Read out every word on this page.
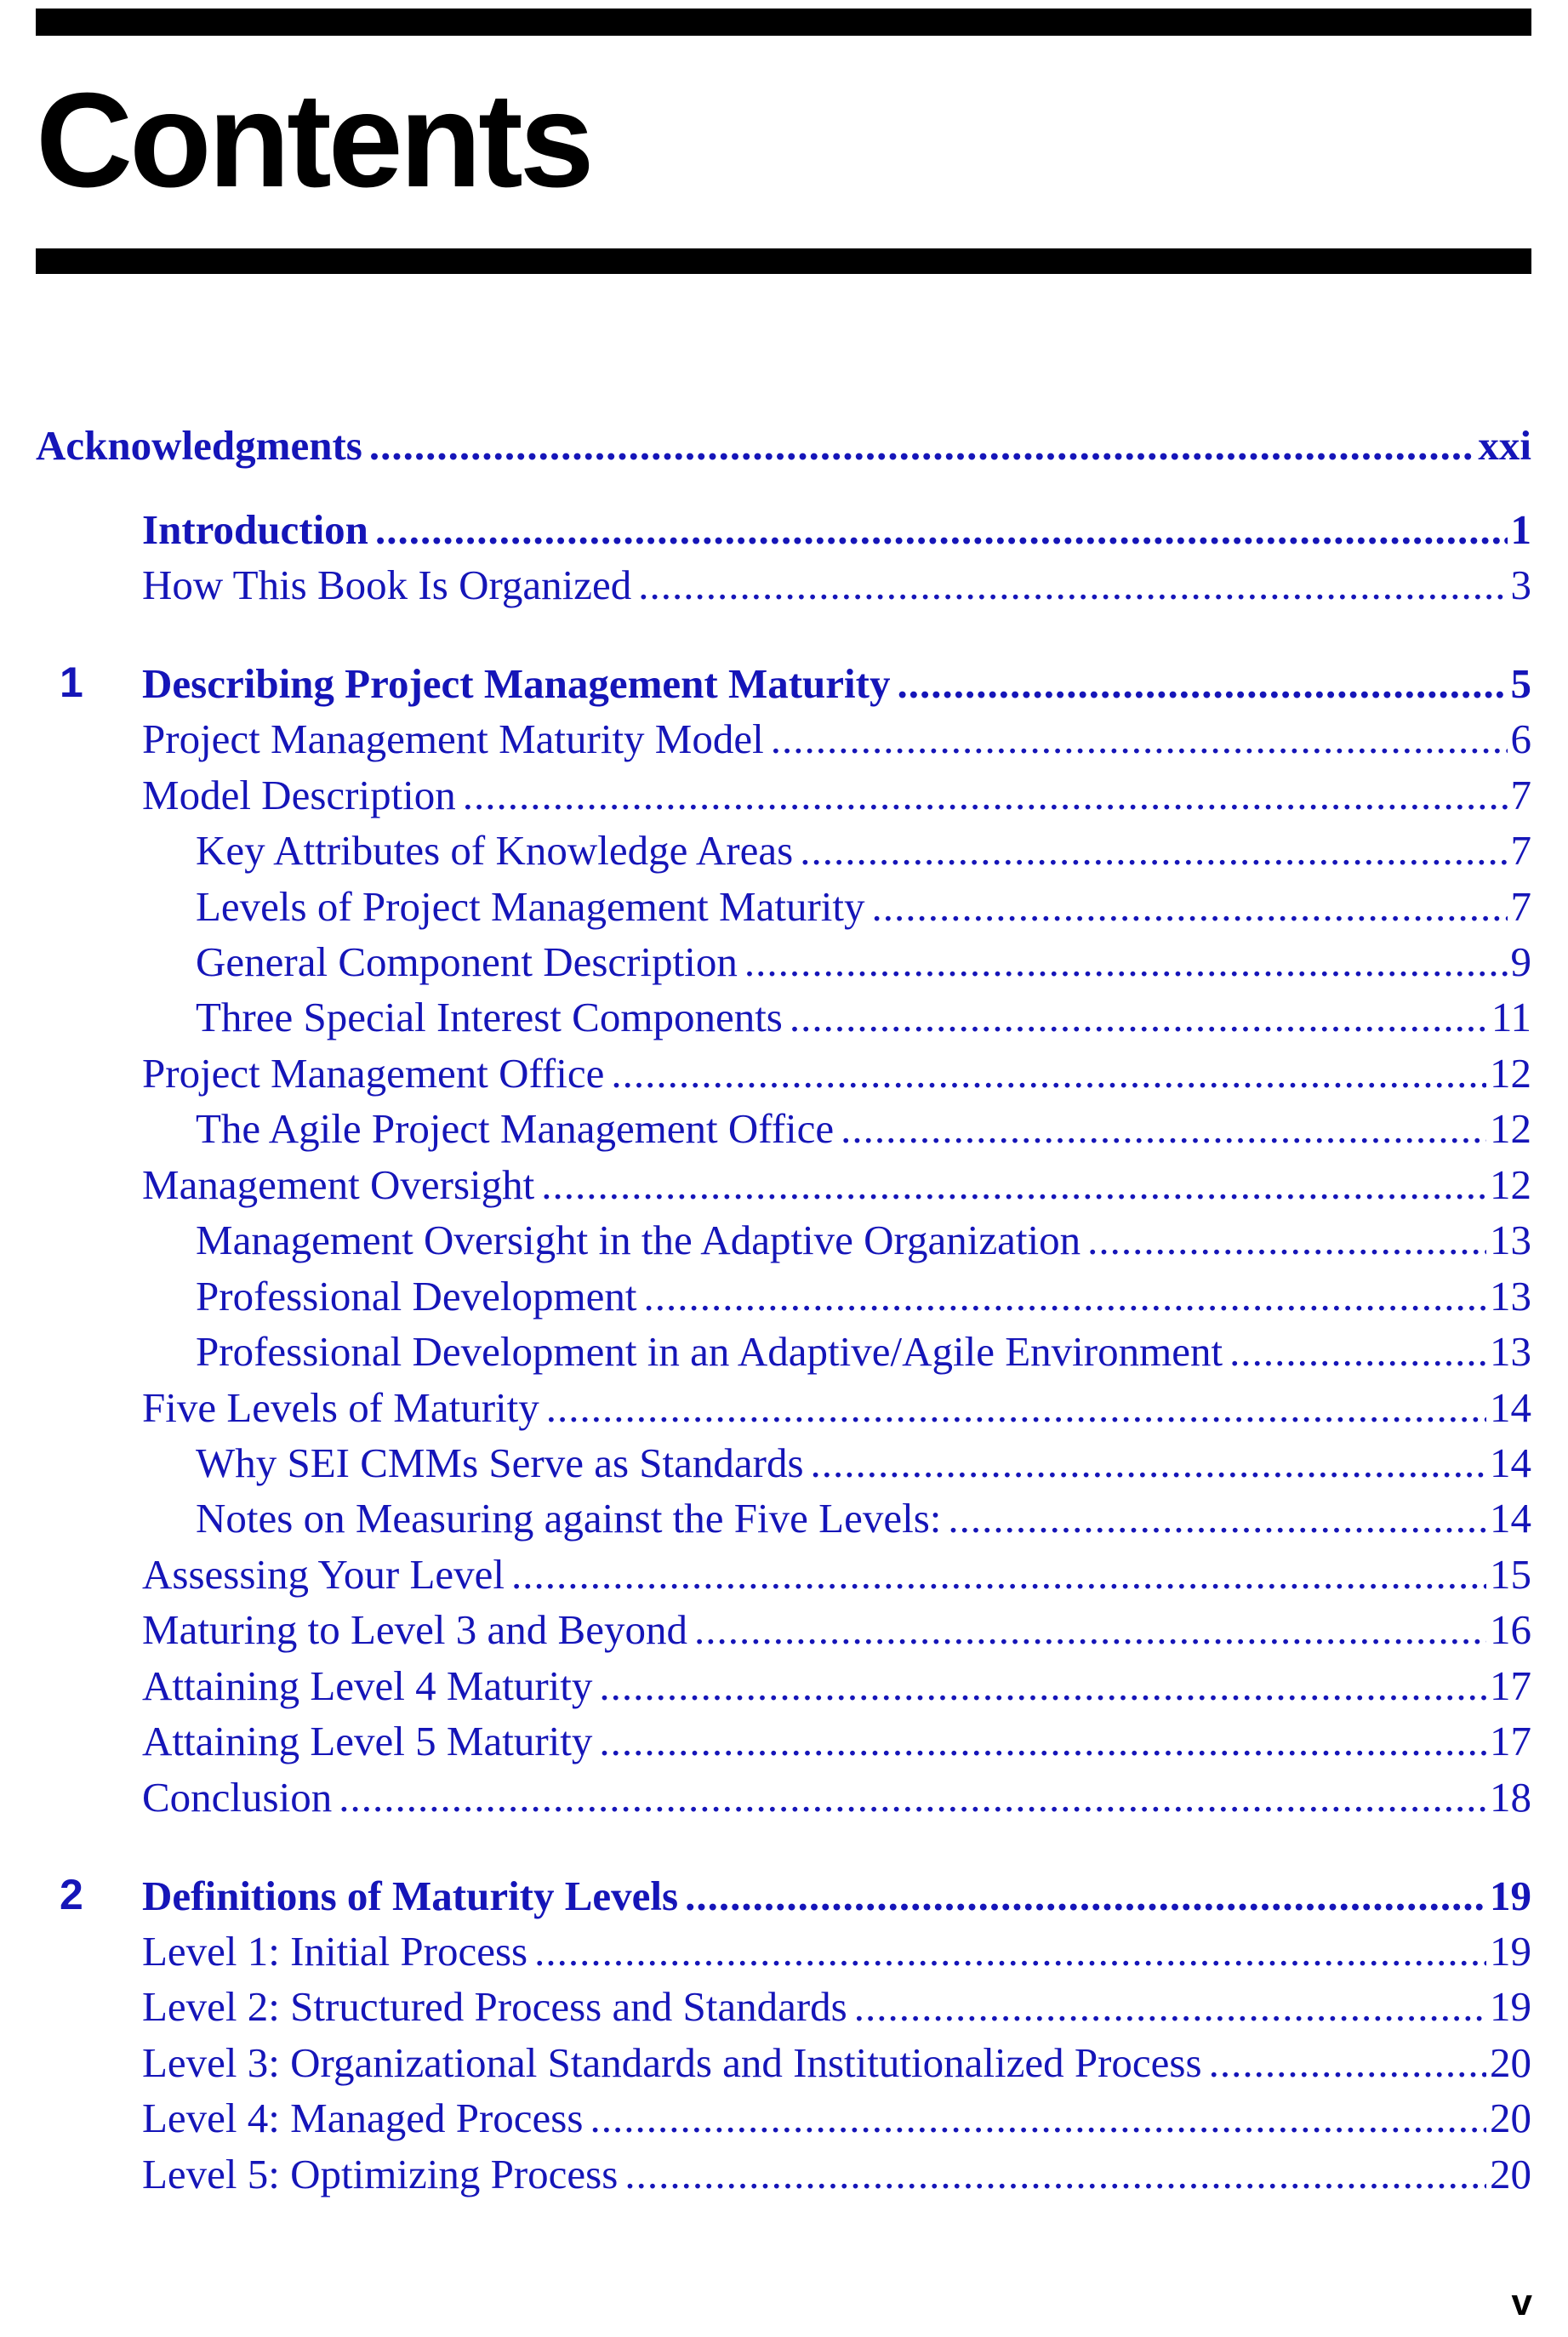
Contents
Acknowledgments .....	xxi
Introduction .....	1
How This Book Is Organized .....	3
1	Describing Project Management Maturity .....	5
Project Management Maturity Model .....	6
Model Description .....	7
Key Attributes of Knowledge Areas .....	7
Levels of Project Management Maturity .....	7
General Component Description .....	9
Three Special Interest Components .....	11
Project Management Office .....	12
The Agile Project Management Office .....	12
Management Oversight .....	12
Management Oversight in the Adaptive Organization .....	13
Professional Development .....	13
Professional Development in an Adaptive/Agile Environment .....	13
Five Levels of Maturity .....	14
Why SEI CMMs Serve as Standards .....	14
Notes on Measuring against the Five Levels: .....	14
Assessing Your Level .....	15
Maturing to Level 3 and Beyond .....	16
Attaining Level 4 Maturity .....	17
Attaining Level 5 Maturity .....	17
Conclusion .....	18
2	Definitions of Maturity Levels .....	19
Level 1: Initial Process .....	19
Level 2: Structured Process and Standards .....	19
Level 3: Organizational Standards and Institutionalized Process .....	20
Level 4: Managed Process .....	20
Level 5: Optimizing Process .....	20
v
